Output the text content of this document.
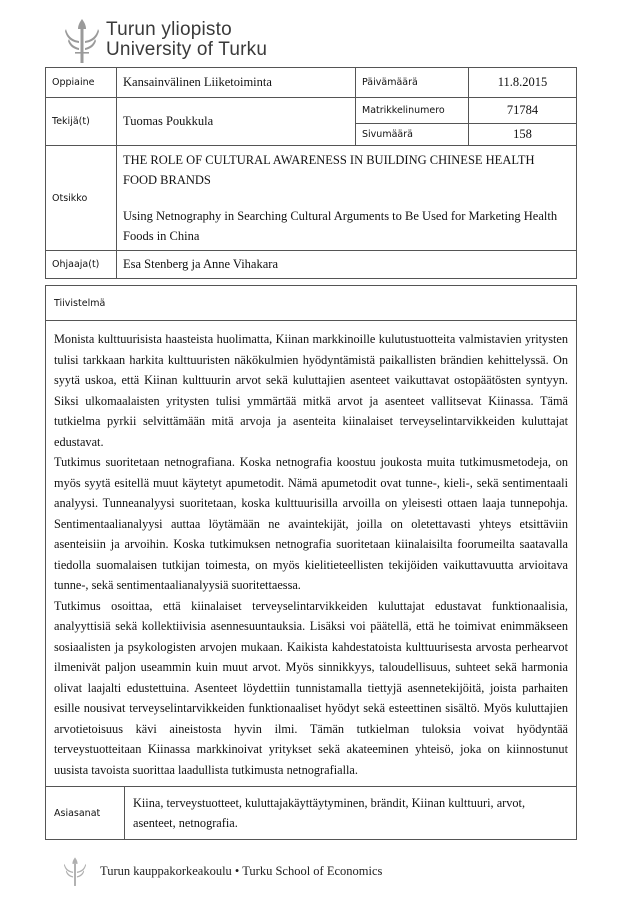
Turun yliopisto
University of Turku
Oppiaine	Kansainvälinen Liiketoiminta	Päivämäärä	11.8.2015
Tekijä(t)	Tuomas Poukkula	Matrikkelinumero	71784
		Sivumäärä	158
Otsikko	THE ROLE OF CULTURAL AWARENESS IN BUILDING CHINESE HEALTH FOOD BRANDS
Using Netnography in Searching Cultural Arguments to Be Used for Marketing Health Foods in China		

Ohjaaja(t)	Esa Stenberg ja Anne Vihakara		
Tiivistelmä

Monista kulttuurisista haasteista huolimatta, Kiinan markkinoille kulutustuotteita valmistavien yritysten tulisi tarkkaan harkita kulttuuristen näkökulmien hyödyntämistä paikallisten brändien kehittelyssä. On syytä uskoa, että Kiinan kulttuurin arvot sekä kuluttajien asenteet vaikuttavat ostopäätösten syntyyn. Siksi ulkomaalaisten yritysten tulisi ymmärtää mitkä arvot ja asenteet vallitsevat Kiinassa. Tämä tutkielma pyrkii selvittämään mitä arvoja ja asenteita kiinalaiset terveyselintarvikkeiden kuluttajat edustavat.

Tutkimus suoritetaan netnografiana. Koska netnografia koostuu joukosta muita tutkimusmetodeja, on myös syytä esitellä muut käytetyt apumetodit. Nämä apumetodit ovat tunne-, kieli-, sekä sentimentaali analyysi. Tunneanalyysi suoritetaan, koska kulttuurisilla arvoilla on yleisesti ottaen laaja tunnepohja. Sentimentaalianalyysi auttaa löytämään ne avaintekijät, joilla on oletettavasti yhteys etsittäviin asenteisiin ja arvoihin. Koska tutkimuksen netnografia suoritetaan kiinalaisilta foorumeilta saatavalla tiedolla suomalaisen tutkijan toimesta, on myös kielitieteellisten tekijöiden vaikuttavuutta arvioitava tunne-, sekä sentimentaalianalyysiä suoritettaessa.

Tutkimus osoittaa, että kiinalaiset terveyselintarvikkeiden kuluttajat edustavat funktionaalisia, analyyttisiä sekä kollektiivisia asennesuuntauksia. Lisäksi voi päätellä, että he toimivat enimmäkseen sosiaalisten ja psykologisten arvojen mukaan. Kaikista kahdestatoista kulttuurisesta arvosta perhearvot ilmenivät paljon useammin kuin muut arvot. Myös sinnikkyys, taloudellisuus, suhteet sekä harmonia olivat laajalti edustettuina. Asenteet löydettiin tunnistamalla tiettyjä asennetekijöitä, joista parhaiten esille nousivat terveyselintarvikkeiden funktionaaliset hyödyt sekä esteettinen sisältö. Myös kuluttajien arvotietoisuus kävi aineistosta hyvin ilmi. Tämän tutkielman tuloksia voivat hyödyntää terveystuotteitaan Kiinassa markkinoivat yritykset sekä akateeminen yhteisö, joka on kiinnostunut uusista tavoista suorittaa laadullista tutkimusta netnografialla.

Asiasanat
Kiina, terveystuotteet, kuluttajakäyttäytyminen, brändit, Kiinan kulttuuri, arvot, asenteet, netnografia.
Turun kauppakorkeakoulu • Turku School of Economics
